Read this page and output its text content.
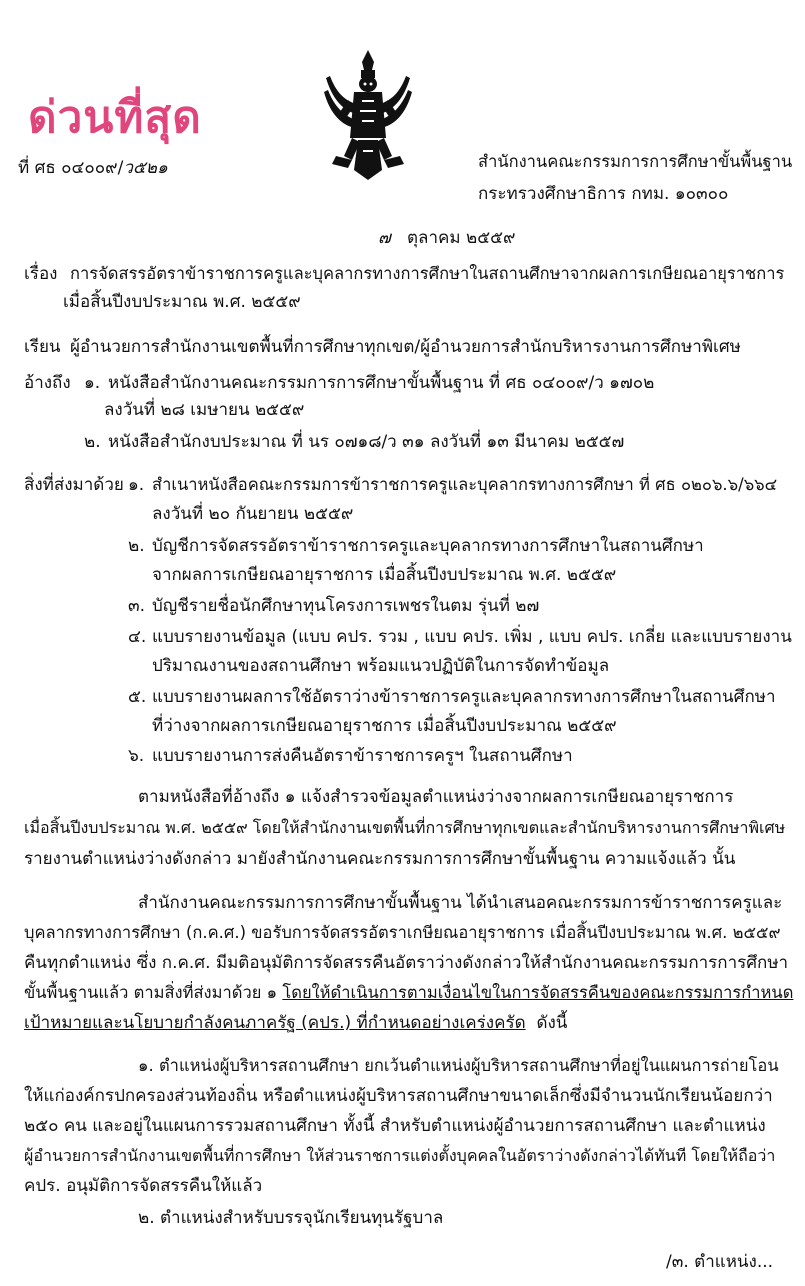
ด่วนที่สุด
ที่ ศธ ๐๔๐๐๙/ว๕๒๑	สำนักงานคณะกรรมการการศึกษาขั้นพื้นฐาน
กระทรวงศึกษาธิการ กทม. ๑๐๓๐๐
๗ ตุลาคม ๒๕๕๙
เรื่อง การจัดสรรอัตราข้าราชการครูและบุคลากรทางการศึกษาในสถานศึกษาจากผลการเกษียณอายุราชการ
เมื่อสิ้นปีงบประมาณ พ.ศ. ๒๕๕๙
เรียน ผู้อำนวยการสำนักงานเขตพื้นที่การศึกษาทุกเขต/ผู้อำนวยการสำนักบริหารงานการศึกษาพิเศษ
อ้างถึง ๑. หนังสือสำนักงานคณะกรรมการการศึกษาขั้นพื้นฐาน ที่ ศธ ๐๔๐๐๙/ว ๑๗๐๒
ลงวันที่ ๒๘ เมษายน ๒๕๕๙
๒. หนังสือสำนักงบประมาณ ที่ นร ๐๗๑๘/ว ๓๑ ลงวันที่ ๑๓ มีนาคม ๒๕๕๗
สิ่งที่ส่งมาด้วย ๑. สำเนาหนังสือคณะกรรมการข้าราชการครูและบุคลากรทางการศึกษา ที่ ศธ ๐๒๐๖.๖/๖๖๔
ลงวันที่ ๒๐ กันยายน ๒๕๕๙
๒. บัญชีการจัดสรรอัตราข้าราชการครูและบุคลากรทางการศึกษาในสถานศึกษา
จากผลการเกษียณอายุราชการ เมื่อสิ้นปีงบประมาณ พ.ศ. ๒๕๕๙
๓. บัญชีรายชื่อนักศึกษาทุนโครงการเพชรในตม รุ่นที่ ๒๗
๔. แบบรายงานข้อมูล (แบบ คปร. รวม , แบบ คปร. เพิ่ม , แบบ คปร. เกลี่ย และแบบรายงาน
ปริมาณงานของสถานศึกษา พร้อมแนวปฏิบัติในการจัดทำข้อมูล
๕. แบบรายงานผลการใช้อัตราว่างข้าราชการครูและบุคลากรทางการศึกษาในสถานศึกษา
ที่ว่างจากผลการเกษียณอายุราชการ เมื่อสิ้นปีงบประมาณ ๒๕๕๙
๖. แบบรายงานการส่งคืนอัตราข้าราชการครูฯ ในสถานศึกษา
ตามหนังสือที่อ้างถึง ๑ แจ้งสำรวจข้อมูลตำแหน่งว่างจากผลการเกษียณอายุราชการ
เมื่อสิ้นปีงบประมาณ พ.ศ. ๒๕๕๙ โดยให้สำนักงานเขตพื้นที่การศึกษาทุกเขตและสำนักบริหารงานการศึกษาพิเศษ
รายงานตำแหน่งว่างดังกล่าว มายังสำนักงานคณะกรรมการการศึกษาขั้นพื้นฐาน ความแจ้งแล้ว นั้น
สำนักงานคณะกรรมการการศึกษาขั้นพื้นฐาน ได้นำเสนอคณะกรรมการข้าราชการครูและ
บุคลากรทางการศึกษา (ก.ค.ศ.) ขอรับการจัดสรรอัตราเกษียณอายุราชการ เมื่อสิ้นปีงบประมาณ พ.ศ. ๒๕๕๙
คืนทุกตำแหน่ง ซึ่ง ก.ค.ศ. มีมติอนุมัติการจัดสรรคืนอัตราว่างดังกล่าวให้สำนักงานคณะกรรมการการศึกษา
ขั้นพื้นฐานแล้ว ตามสิ่งที่ส่งมาด้วย ๑ โดยให้ดำเนินการตามเงื่อนไขในการจัดสรรคืนของคณะกรรมการกำหนด
เป้าหมายและนโยบายกำลังคนภาครัฐ (คปร.) ที่กำหนดอย่างเคร่งครัด ดังนี้
๑. ตำแหน่งผู้บริหารสถานศึกษา ยกเว้นตำแหน่งผู้บริหารสถานศึกษาที่อยู่ในแผนการถ่ายโอน
ให้แก่องค์กรปกครองส่วนท้องถิ่น หรือตำแหน่งผู้บริหารสถานศึกษาขนาดเล็กซึ่งมีจำนวนนักเรียนน้อยกว่า
๒๕๐ คน และอยู่ในแผนการรวมสถานศึกษา ทั้งนี้ สำหรับตำแหน่งผู้อำนวยการสถานศึกษา และตำแหน่ง
ผู้อำนวยการสำนักงานเขตพื้นที่การศึกษา ให้ส่วนราชการแต่งตั้งบุคคลในอัตราว่างดังกล่าวได้ทันที โดยให้ถือว่า
คปร. อนุมัติการจัดสรรคืนให้แล้ว
๒. ตำแหน่งสำหรับบรรจุนักเรียนทุนรัฐบาล
/๓. ตำแหน่ง...
